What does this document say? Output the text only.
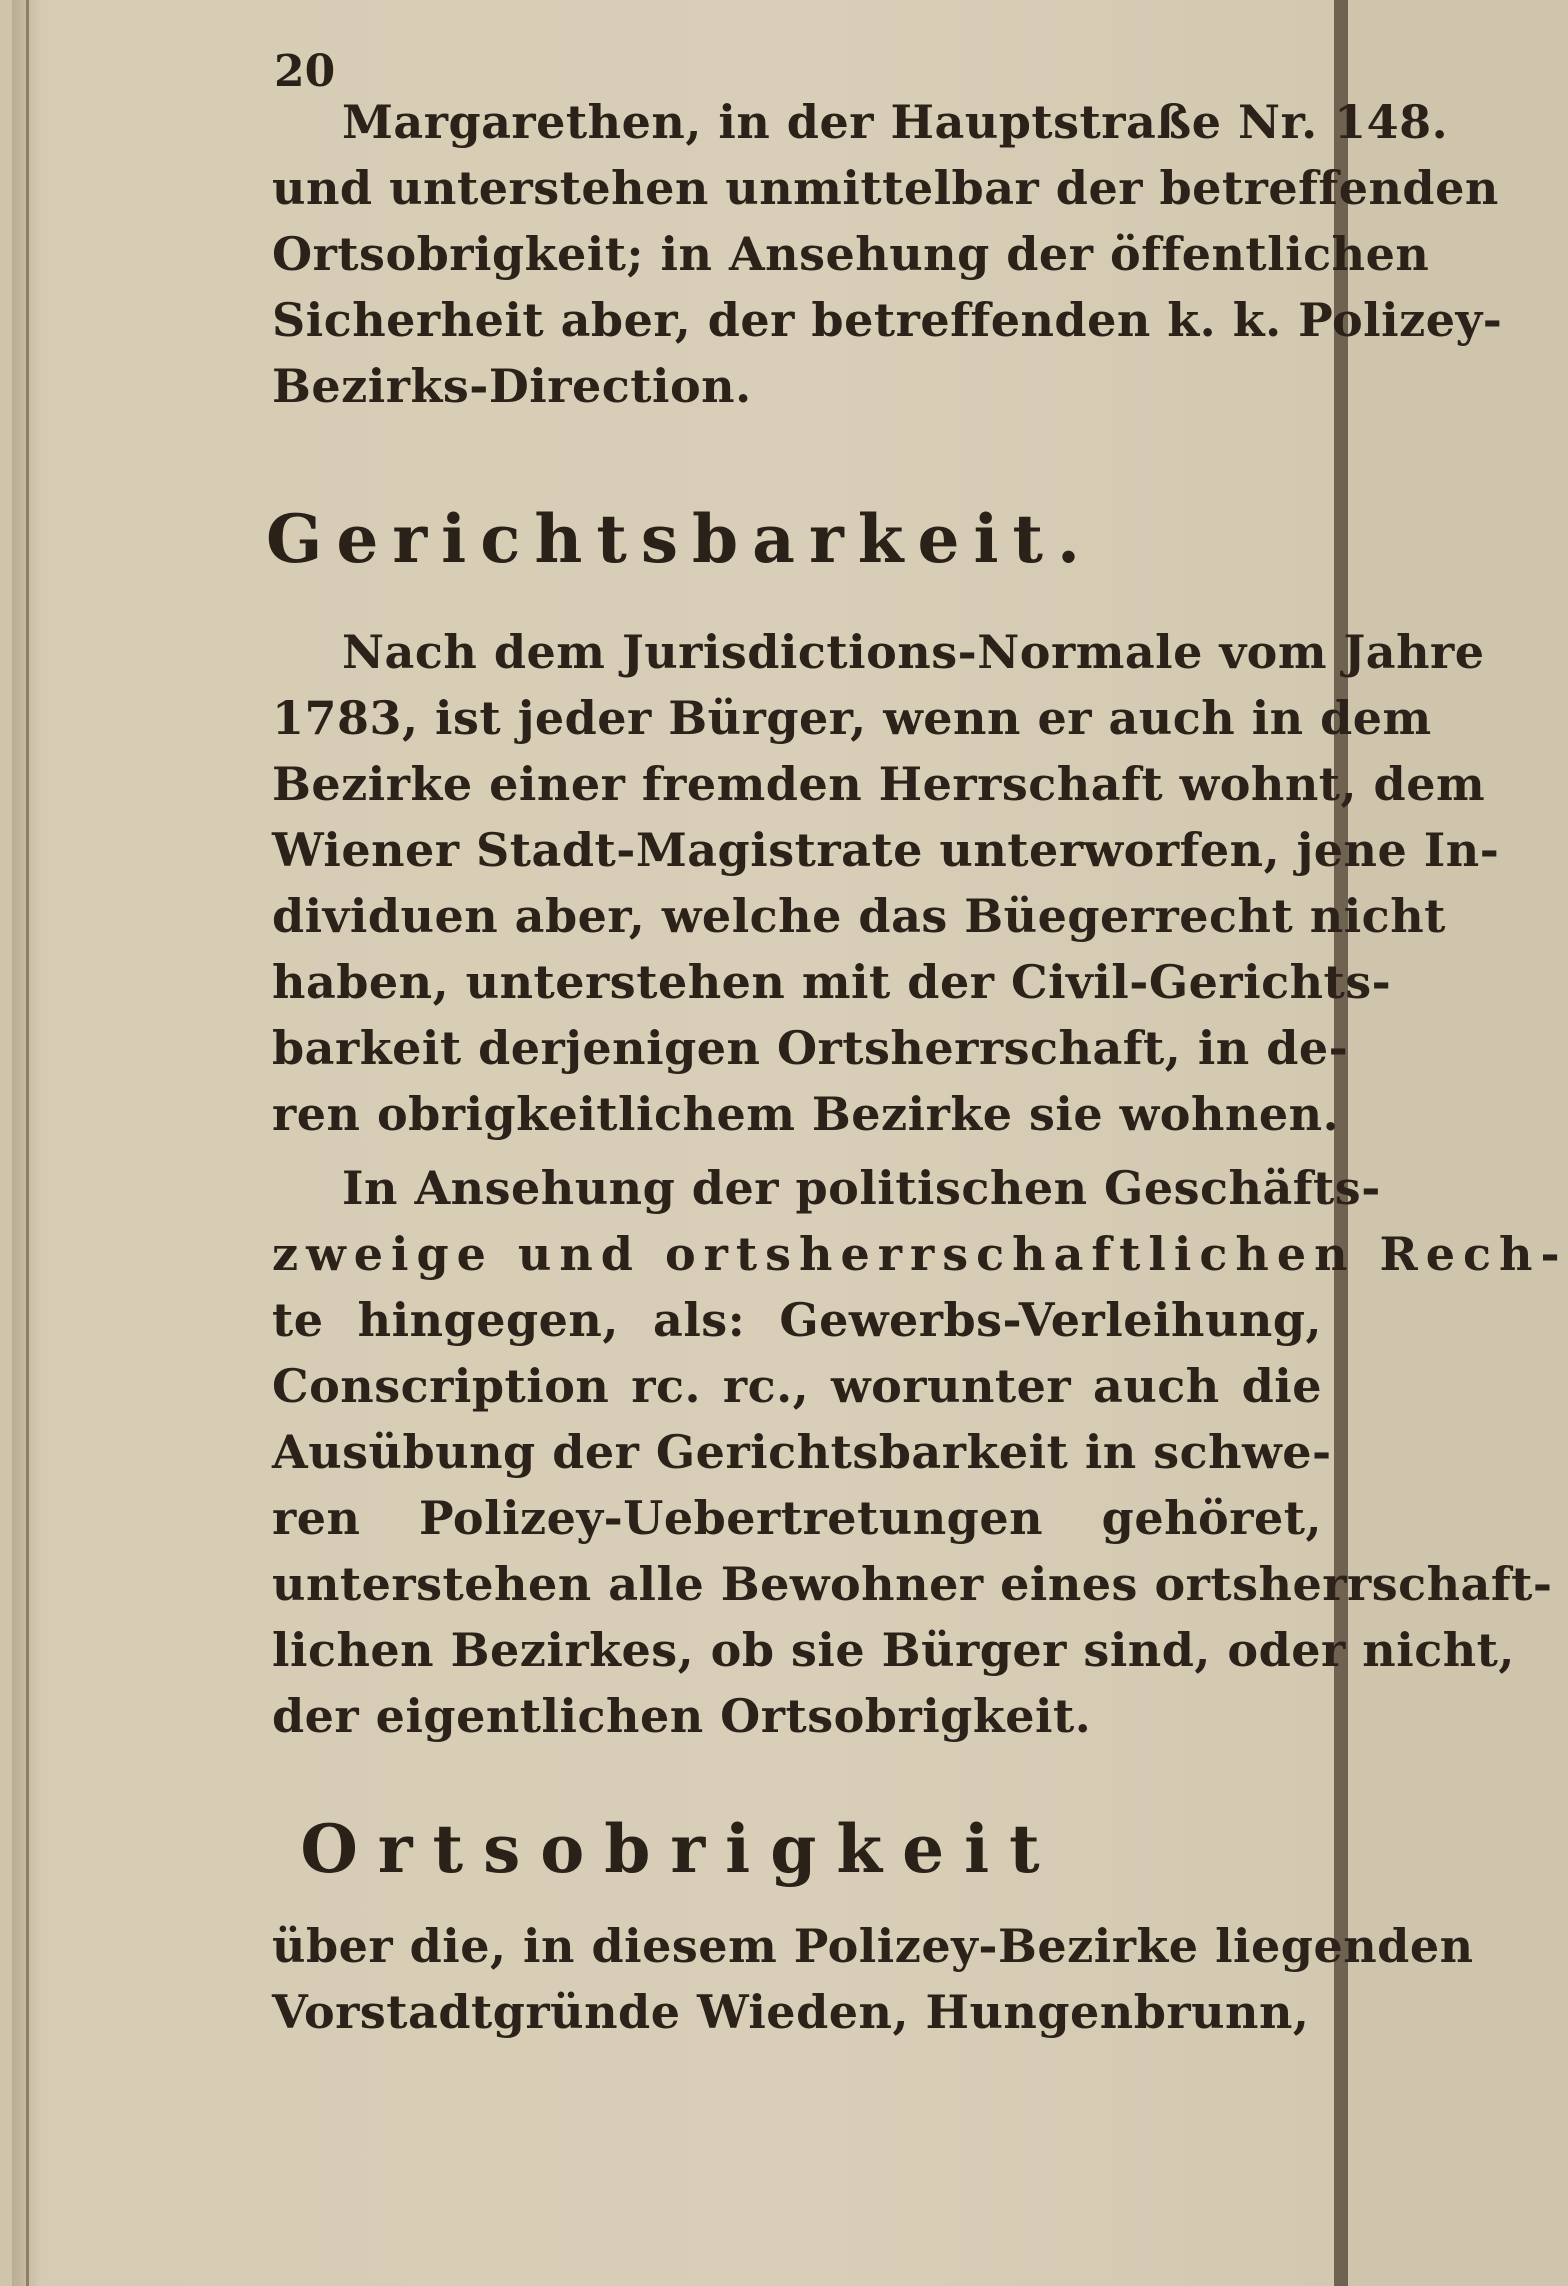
20
Margarethen, in der Hauptstraße Nr. 148.
und unterstehen unmittelbar der betreffenden
Ortsobrigkeit; in Ansehung der öffentlichen
Sicherheit aber, der betreffenden k. k. Polizey-
Bezirks-Direction.
Gerichtsbarkeit.
Nach dem Jurisdictions-Normale vom Jahre
1783, ist jeder Bürger, wenn er auch in dem
Bezirke einer fremden Herrschaft wohnt, dem
Wiener Stadt-Magistrate unterworfen, jene In-
dividuen aber, welche das Büegerrecht nicht
haben, unterstehen mit der Civil-Gerichts-
barkeit derjenigen Ortsherrschaft, in de-
ren obrigkeitlichem Bezirke sie wohnen.
In Ansehung der politischen Geschäfts-
zweige und ortsherrschaftlichen Rech-
te hingegen, als: Gewerbs-Verleihung,
Conscription rc. rc., worunter auch die
Ausübung der Gerichtsbarkeit in schwe-
ren Polizey-Uebertretungen gehöret,
unterstehen alle Bewohner eines ortsherrschaft-
lichen Bezirkes, ob sie Bürger sind, oder nicht,
der eigentlichen Ortsobrigkeit.
Ortsobrigkeit
über die, in diesem Polizey-Bezirke liegenden
Vorstadtgründe Wieden, Hungenbrunn,
